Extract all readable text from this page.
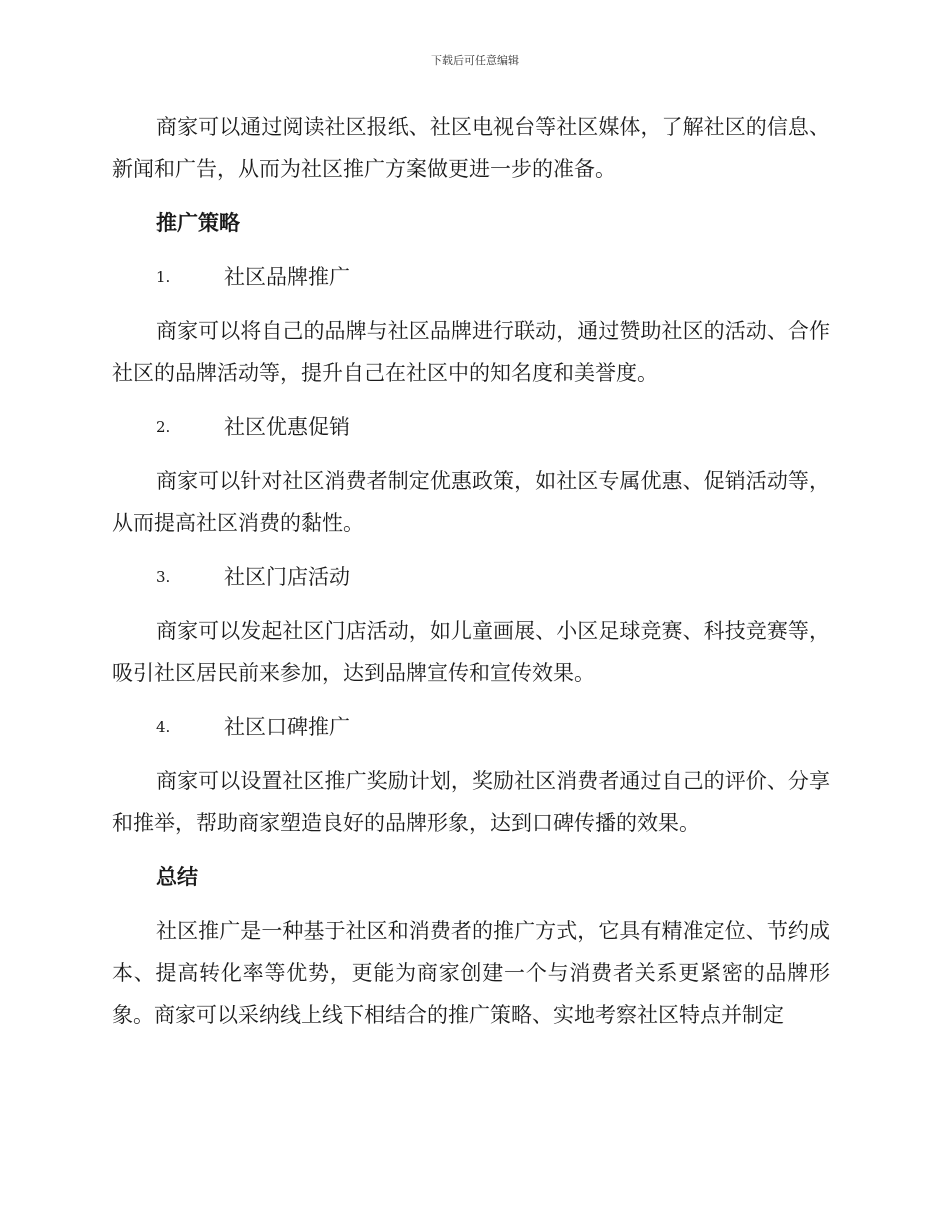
下载后可任意编辑

商家可以通过阅读社区报纸、社区电视台等社区媒体，了解社区的信息、新闻和广告，从而为社区推广方案做更进一步的准备。

推广策略
1.	社区品牌推广

商家可以将自己的品牌与社区品牌进行联动，通过赞助社区的活动、合作社区的品牌活动等，提升自己在社区中的知名度和美誉度。

2.	社区优惠促销

商家可以针对社区消费者制定优惠政策，如社区专属优惠、促销活动等，从而提高社区消费的黏性。

3.	社区门店活动

商家可以发起社区门店活动，如儿童画展、小区足球竞赛、科技竞赛等，吸引社区居民前来参加，达到品牌宣传和宣传效果。

4.	社区口碑推广

商家可以设置社区推广奖励计划，奖励社区消费者通过自己的评价、分享和推举，帮助商家塑造良好的品牌形象，达到口碑传播的效果。

总结

社区推广是一种基于社区和消费者的推广方式，它具有精准定位、节约成本、提高转化率等优势，更能为商家创建一个与消费者关系更紧密的品牌形象。商家可以采纳线上线下相结合的推广策略、实地考察社区特点并制定
